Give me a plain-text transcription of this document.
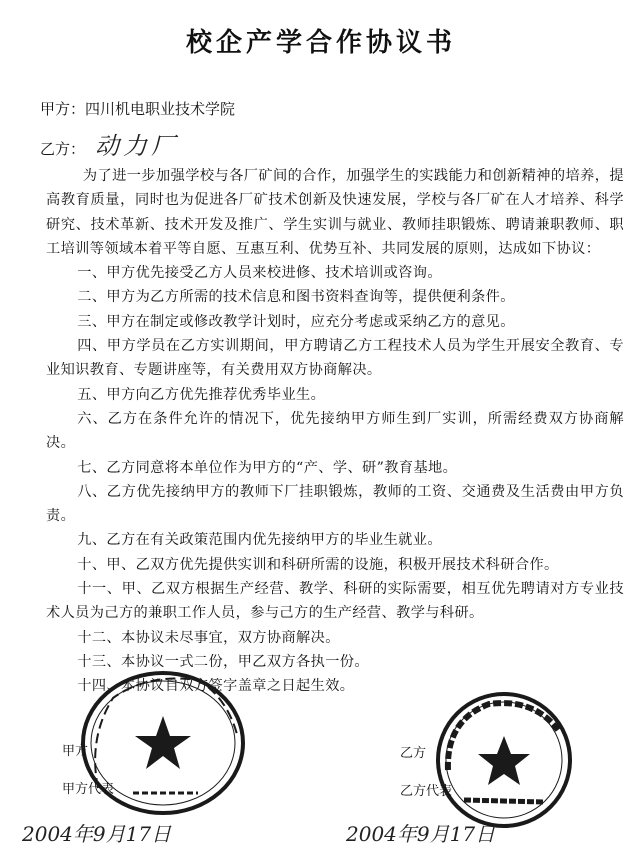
校企产学合作协议书
甲方：四川机电职业技术学院
乙方： 动力厂

为了进一步加强学校与各厂矿间的合作，加强学生的实践能力和创新精神的培养，提高教育质量，同时也为促进各厂矿技术创新及快速发展，学校与各厂矿在人才培养、科学研究、技术革新、技术开发及推广、学生实训与就业、教师挂职锻炼、聘请兼职教师、职工培训等领域本着平等自愿、互惠互利、优势互补、共同发展的原则，达成如下协议：

一、甲方优先接受乙方人员来校进修、技术培训或咨询。

二、甲方为乙方所需的技术信息和图书资料查询等，提供便利条件。

三、甲方在制定或修改教学计划时，应充分考虑或采纳乙方的意见。

四、甲方学员在乙方实训期间，甲方聘请乙方工程技术人员为学生开展安全教育、专业知识教育、专题讲座等，有关费用双方协商解决。

五、甲方向乙方优先推荐优秀毕业生。

六、乙方在条件允许的情况下，优先接纳甲方师生到厂实训，所需经费双方协商解决。

七、乙方同意将本单位作为甲方的“产、学、研”教育基地。

八、乙方优先接纳甲方的教师下厂挂职锻炼，教师的工资、交通费及生活费由甲方负责。

九、乙方在有关政策范围内优先接纳甲方的毕业生就业。

十、甲、乙双方优先提供实训和科研所需的设施，积极开展技术科研合作。

十一、甲、乙双方根据生产经营、教学、科研的实际需要，相互优先聘请对方专业技术人员为己方的兼职工作人员，参与己方的生产经营、教学与科研。

十二、本协议未尽事宜，双方协商解决。

十三、本协议一式二份，甲乙双方各执一份。

十四、本协议自双方签字盖章之日起生效。

甲方
甲方代表
乙方
乙方代表
2004年9月17日	2004年9月17日
